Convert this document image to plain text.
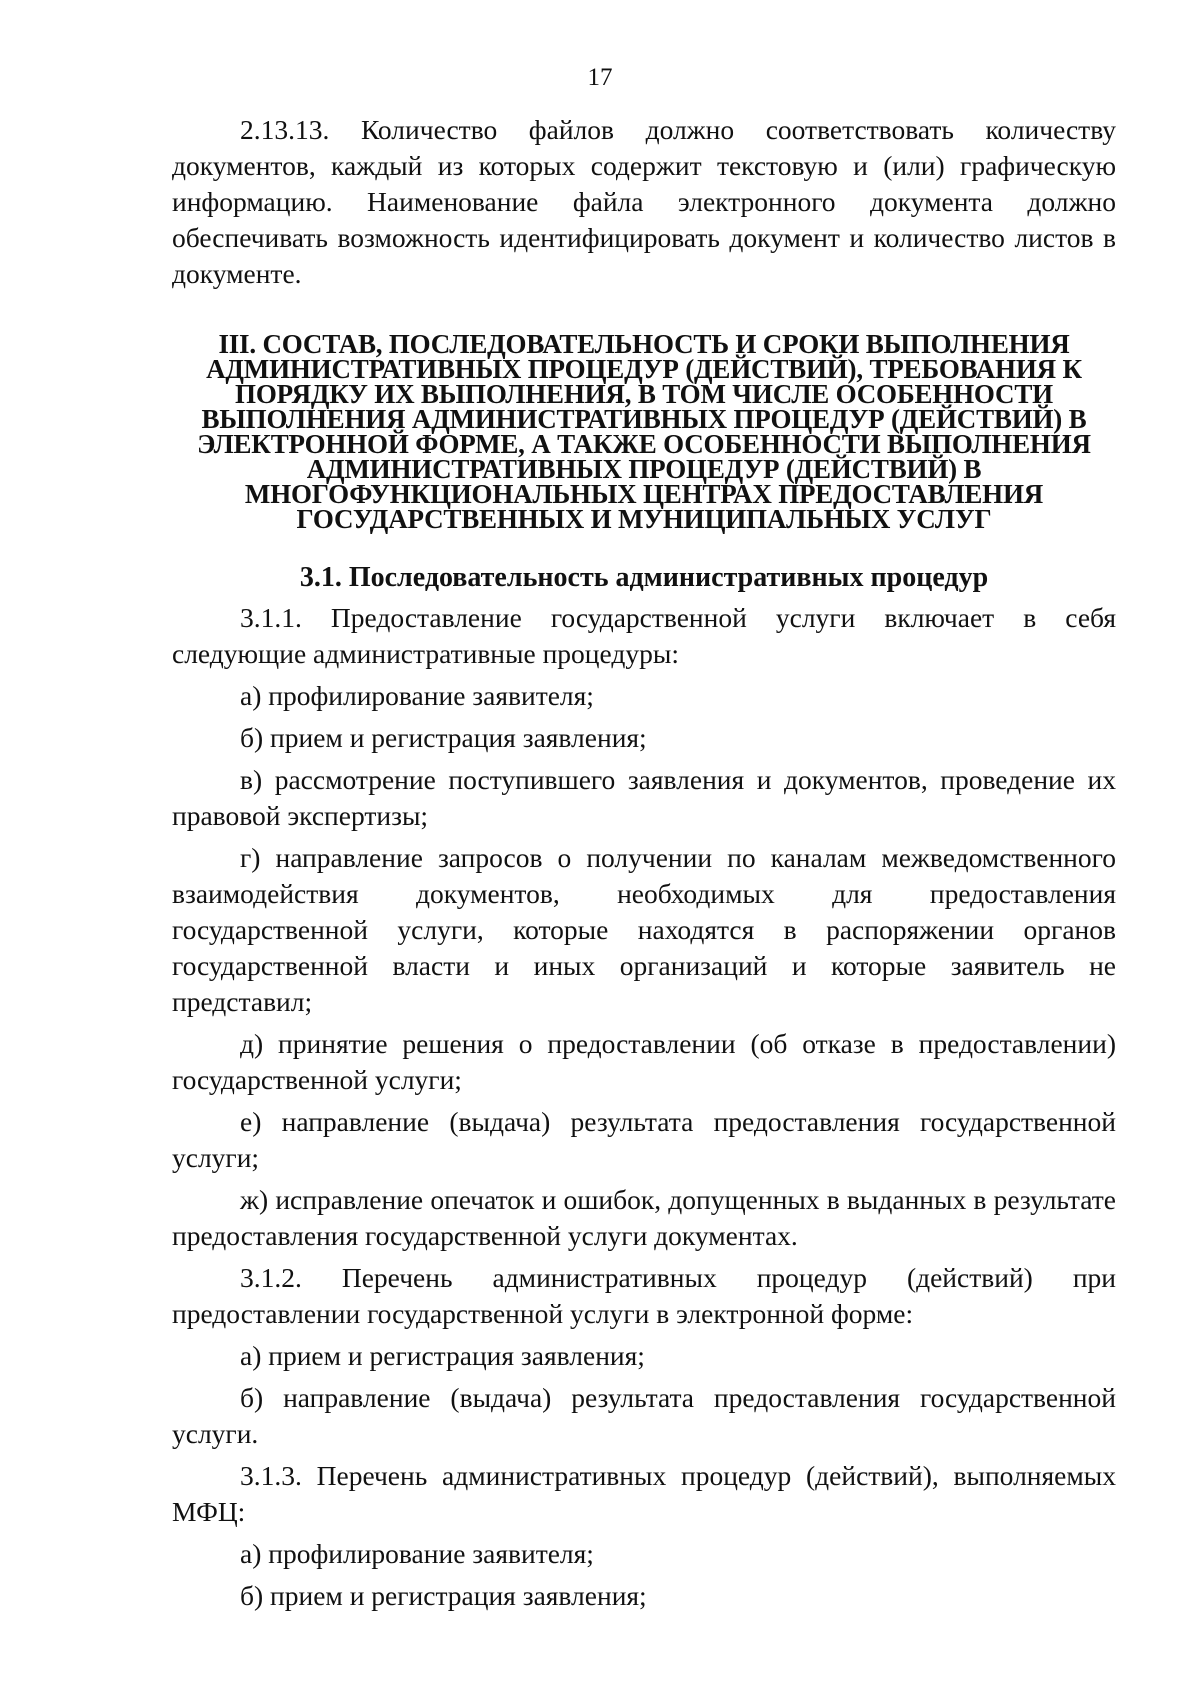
17

2.13.13. Количество файлов должно соответствовать количеству документов, каждый из которых содержит текстовую и (или) графическую информацию. Наименование файла электронного документа должно обеспечивать возможность идентифицировать документ и количество листов в документе.

III. СОСТАВ, ПОСЛЕДОВАТЕЛЬНОСТЬ И СРОКИ ВЫПОЛНЕНИЯ АДМИНИСТРАТИВНЫХ ПРОЦЕДУР (ДЕЙСТВИЙ), ТРЕБОВАНИЯ К ПОРЯДКУ ИХ ВЫПОЛНЕНИЯ, В ТОМ ЧИСЛЕ ОСОБЕННОСТИ ВЫПОЛНЕНИЯ АДМИНИСТРАТИВНЫХ ПРОЦЕДУР (ДЕЙСТВИЙ) В ЭЛЕКТРОННОЙ ФОРМЕ, А ТАКЖЕ ОСОБЕННОСТИ ВЫПОЛНЕНИЯ АДМИНИСТРАТИВНЫХ ПРОЦЕДУР (ДЕЙСТВИЙ) В МНОГОФУНКЦИОНАЛЬНЫХ ЦЕНТРАХ ПРЕДОСТАВЛЕНИЯ ГОСУДАРСТВЕННЫХ И МУНИЦИПАЛЬНЫХ УСЛУГ
3.1. Последовательность административных процедур

3.1.1. Предоставление государственной услуги включает в себя следующие административные процедуры:

а) профилирование заявителя;

б) прием и регистрация заявления;

в) рассмотрение поступившего заявления и документов, проведение их правовой экспертизы;

г) направление запросов о получении по каналам межведомственного взаимодействия документов, необходимых для предоставления государственной услуги, которые находятся в распоряжении органов государственной власти и иных организаций и которые заявитель не представил;

д) принятие решения о предоставлении (об отказе в предоставлении) государственной услуги;

е) направление (выдача) результата предоставления государственной услуги;

ж) исправление опечаток и ошибок, допущенных в выданных в результате предоставления государственной услуги документах.

3.1.2. Перечень административных процедур (действий) при предоставлении государственной услуги в электронной форме:

а) прием и регистрация заявления;

б) направление (выдача) результата предоставления государственной услуги.

3.1.3. Перечень административных процедур (действий), выполняемых МФЦ:

а) профилирование заявителя;

б) прием и регистрация заявления;
